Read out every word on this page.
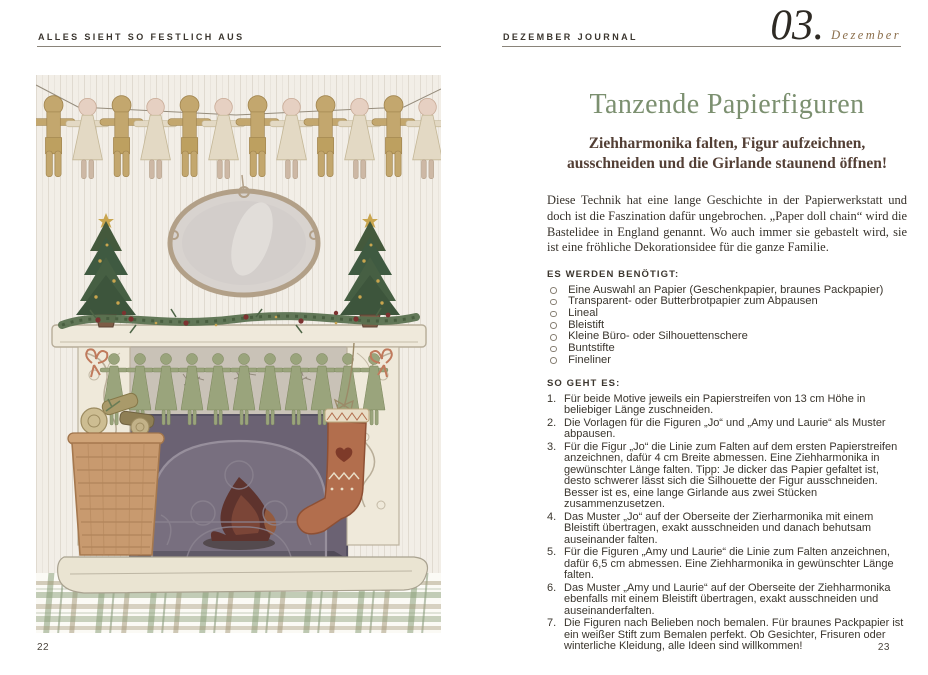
ALLES SIEHT SO FESTLICH AUS	DEZEMBER JOURNAL	03. Dezember
Tanzende Papierfiguren
Ziehharmonika falten, Figur aufzeichnen,
ausschneiden und die Girlande staunend öffnen!

Diese Technik hat eine lange Geschichte in der Papierwerkstatt und doch ist die Faszination dafür ungebrochen. „Paper doll chain“ wird die Bastelidee in England genannt. Wo auch immer sie gebastelt wird, sie ist eine fröhliche Dekorationsidee für die ganze Familie.

ES WERDEN BENÖTIGT:
Eine Auswahl an Papier (Geschenkpapier, braunes Packpapier)
Transparent- oder Butterbrotpapier zum Abpausen
Lineal
Bleistift
Kleine Büro- oder Silhouettenschere
Buntstifte
Fineliner
SO GEHT ES:
1. Für beide Motive jeweils ein Papierstreifen von 13 cm Höhe in beliebiger Länge zuschneiden.
2. Die Vorlagen für die Figuren „Jo“ und „Amy und Laurie“ als Muster abpausen.
3. Für die Figur „Jo“ die Linie zum Falten auf dem ersten Papierstreifen anzeichnen, dafür 4 cm Breite abmessen. Eine Ziehharmonika in gewünschter Länge falten. Tipp: Je dicker das Papier gefaltet ist, desto schwerer lässt sich die Silhouette der Figur ausschneiden. Besser ist es, eine lange Girlande aus zwei Stücken zusammenzusetzen.
4. Das Muster „Jo“ auf der Oberseite der Zierharmonika mit einem Bleistift übertragen, exakt ausschneiden und danach behutsam auseinander falten.
5. Für die Figuren „Amy und Laurie“ die Linie zum Falten anzeichnen, dafür 6,5 cm abmessen. Eine Ziehharmonika in gewünschter Länge falten.
6. Das Muster „Amy und Laurie“ auf der Oberseite der Ziehharmonika ebenfalls mit einem Bleistift übertragen, exakt ausschneiden und auseinanderfalten.
7. Die Figuren nach Belieben noch bemalen. Für braunes Packpapier ist ein weißer Stift zum Bemalen perfekt. Ob Gesichter, Frisuren oder winterliche Kleidung, alle Ideen sind willkommen!
22	23
